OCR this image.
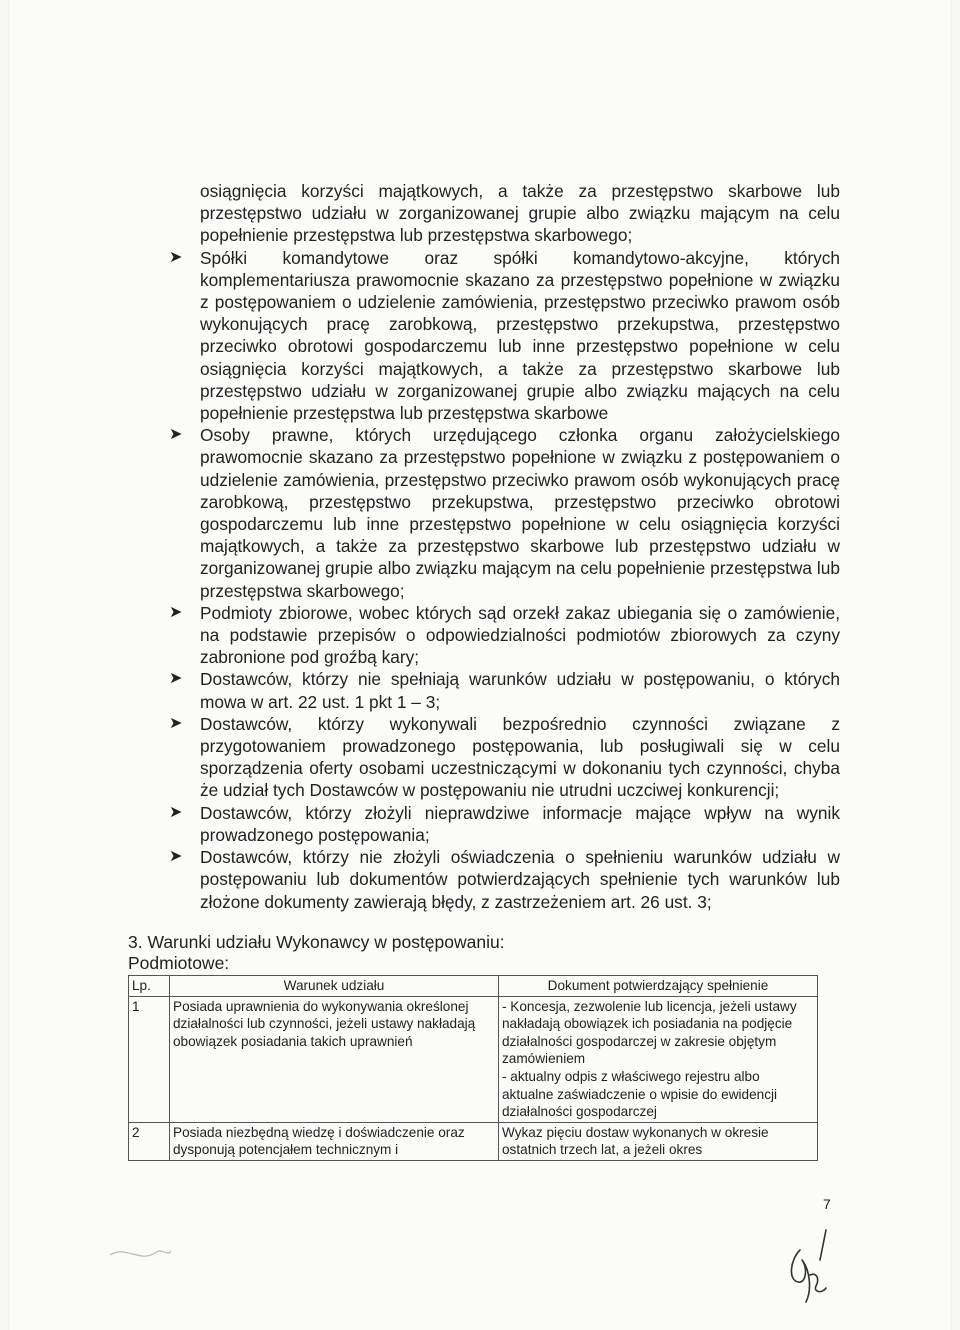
osiągnięcia korzyści majątkowych, a także za przestępstwo skarbowe lub przestępstwo udziału w zorganizowanej grupie albo związku mającym na celu popełnienie przestępstwa lub przestępstwa skarbowego;

➤ Spółki komandytowe oraz spółki komandytowo-akcyjne, których komplementariusza prawomocnie skazano za przestępstwo popełnione w związku z postępowaniem o udzielenie zamówienia, przestępstwo przeciwko prawom osób wykonujących pracę zarobkową, przestępstwo przekupstwa, przestępstwo przeciwko obrotowi gospodarczemu lub inne przestępstwo popełnione w celu osiągnięcia korzyści majątkowych, a także za przestępstwo skarbowe lub przestępstwo udziału w zorganizowanej grupie albo związku mających na celu popełnienie przestępstwa lub przestępstwa skarbowe
➤ Osoby prawne, których urzędującego członka organu założycielskiego prawomocnie skazano za przestępstwo popełnione w związku z postępowaniem o udzielenie zamówienia, przestępstwo przeciwko prawom osób wykonujących pracę zarobkową, przestępstwo przekupstwa, przestępstwo przeciwko obrotowi gospodarczemu lub inne przestępstwo popełnione w celu osiągnięcia korzyści majątkowych, a także za przestępstwo skarbowe lub przestępstwo udziału w zorganizowanej grupie albo związku mającym na celu popełnienie przestępstwa lub przestępstwa skarbowego;
➤ Podmioty zbiorowe, wobec których sąd orzekł zakaz ubiegania się o zamówienie, na podstawie przepisów o odpowiedzialności podmiotów zbiorowych za czyny zabronione pod groźbą kary;
➤ Dostawców, którzy nie spełniają warunków udziału w postępowaniu, o których mowa w art. 22 ust. 1 pkt 1 – 3;
➤ Dostawców, którzy wykonywali bezpośrednio czynności związane z przygotowaniem prowadzonego postępowania, lub posługiwali się w celu sporządzenia oferty osobami uczestniczącymi w dokonaniu tych czynności, chyba że udział tych Dostawców w postępowaniu nie utrudni uczciwej konkurencji;
➤ Dostawców, którzy złożyli nieprawdziwe informacje mające wpływ na wynik prowadzonego postępowania;
➤ Dostawców, którzy nie złożyli oświadczenia o spełnieniu warunków udziału w postępowaniu lub dokumentów potwierdzających spełnienie tych warunków lub złożone dokumenty zawierają błędy, z zastrzeżeniem art. 26 ust. 3;
3. Warunki udziału Wykonawcy w postępowaniu:
Podmiotowe:
Lp.	Warunek udziału	Dokument potwierdzający spełnienie
1	Posiada uprawnienia do wykonywania określonej działalności lub czynności, jeżeli ustawy nakładają obowiązek posiadania takich uprawnień	- Koncesja, zezwolenie lub licencja, jeżeli ustawy nakładają obowiązek ich posiadania na podjęcie działalności gospodarczej w zakresie objętym zamówieniem
- aktualny odpis z właściwego rejestru albo aktualne zaświadczenie o wpisie do ewidencji działalności gospodarczej

2	Posiada niezbędną wiedzę i doświadczenie oraz dysponują potencjałem technicznym i	Wykaz pięciu dostaw wykonanych w okresie ostatnich trzech lat, a jeżeli okres
7
